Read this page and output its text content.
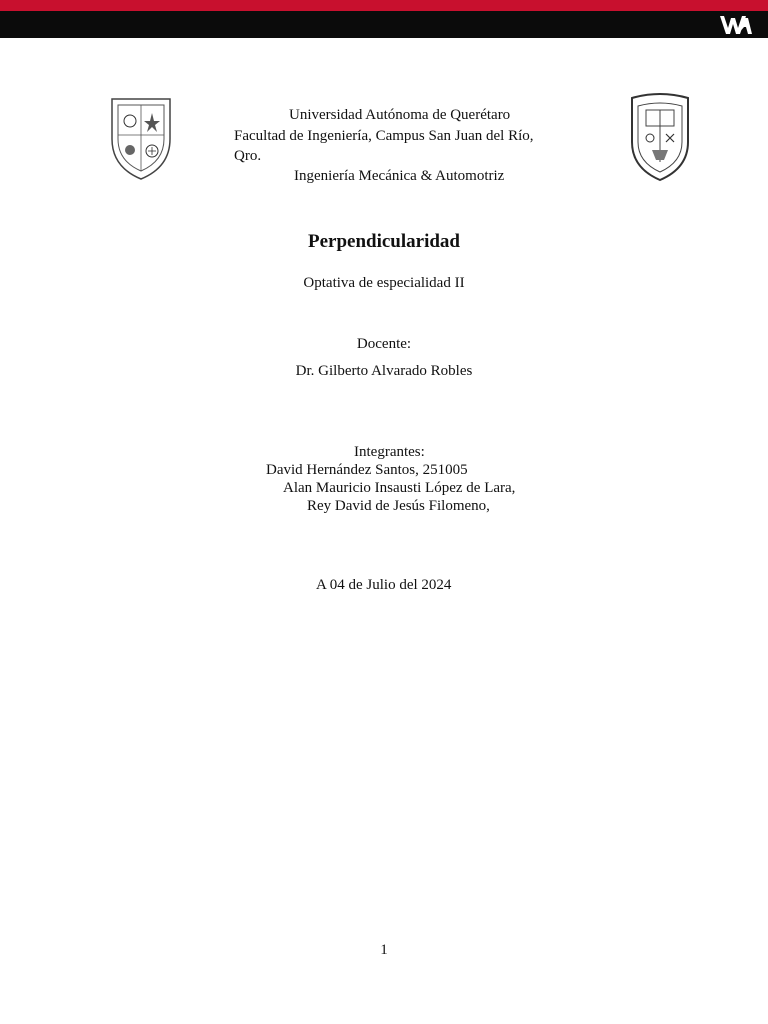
Universidad Autónoma de Querétaro
Facultad de Ingeniería, Campus San Juan del Río,
Qro.
Ingeniería Mecánica & Automotriz
Perpendicularidad
Optativa de especialidad II
Docente:
Dr. Gilberto Alvarado Robles
Integrantes:
David Hernández Santos, 251005
Alan Mauricio Insausti López de Lara,
Rey David de Jesús Filomeno,
A 04 de Julio del 2024
1
